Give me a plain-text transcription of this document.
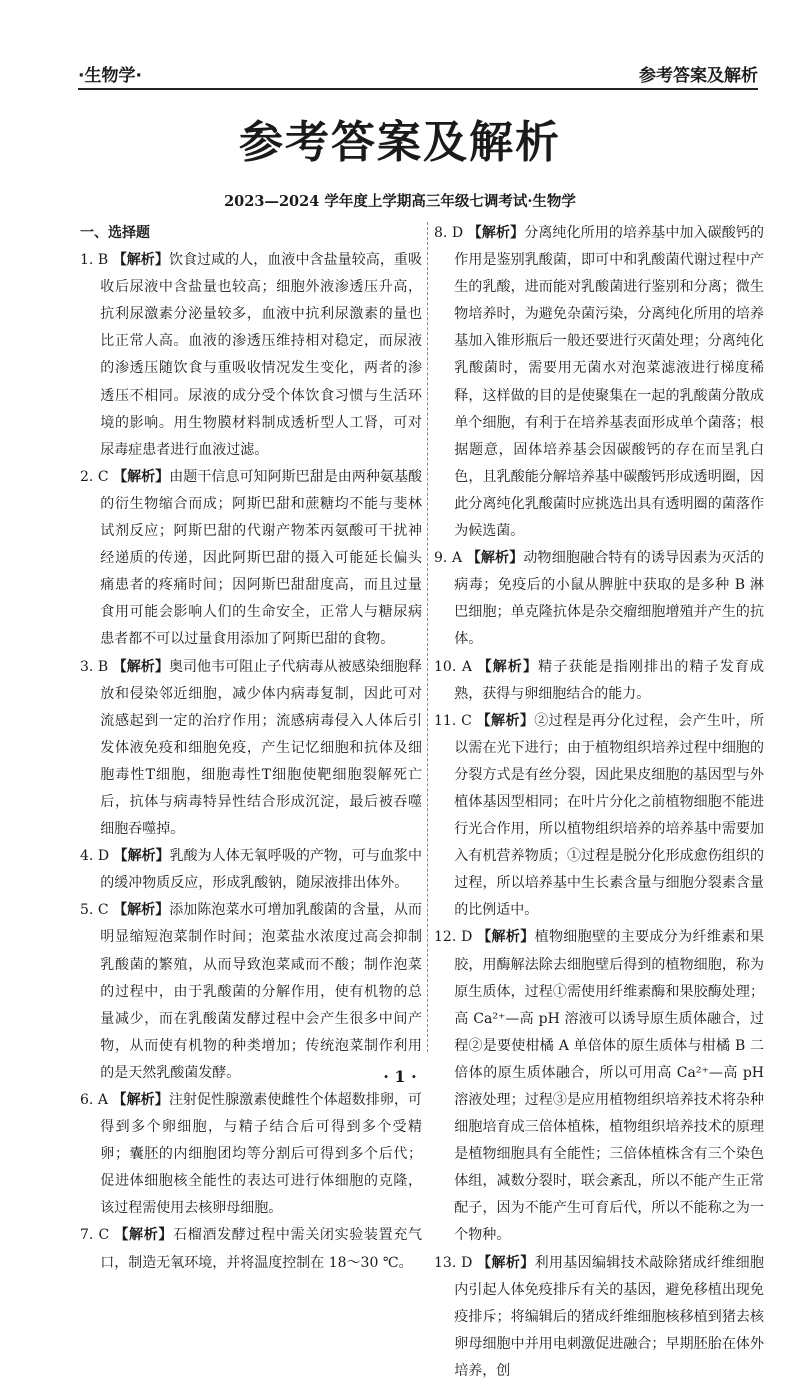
·生物学·	参考答案及解析
参考答案及解析
2023—2024 学年度上学期高三年级七调考试·生物学
一、选择题
1. B 【解析】饮食过咸的人，血液中含盐量较高，重吸收后尿液中含盐量也较高；细胞外液渗透压升高，抗利尿激素分泌量较多，血液中抗利尿激素的量也比正常人高。血液的渗透压维持相对稳定，而尿液的渗透压随饮食与重吸收情况发生变化，两者的渗透压不相同。尿液的成分受个体饮食习惯与生活环境的影响。用生物膜材料制成透析型人工肾，可对尿毒症患者进行血液过滤。
2. C 【解析】由题干信息可知阿斯巴甜是由两种氨基酸的衍生物缩合而成；阿斯巴甜和蔗糖均不能与斐林试剂反应；阿斯巴甜的代谢产物苯丙氨酸可干扰神经递质的传递，因此阿斯巴甜的摄入可能延长偏头痛患者的疼痛时间；因阿斯巴甜甜度高，而且过量食用可能会影响人们的生命安全，正常人与糖尿病患者都不可以过量食用添加了阿斯巴甜的食物。
3. B 【解析】奥司他韦可阻止子代病毒从被感染细胞释放和侵染邻近细胞，减少体内病毒复制，因此可对流感起到一定的治疗作用；流感病毒侵入人体后引发体液免疫和细胞免疫，产生记忆细胞和抗体及细胞毒性T细胞，细胞毒性T细胞使靶细胞裂解死亡后，抗体与病毒特异性结合形成沉淀，最后被吞噬细胞吞噬掉。
4. D 【解析】乳酸为人体无氧呼吸的产物，可与血浆中的缓冲物质反应，形成乳酸钠，随尿液排出体外。
5. C 【解析】添加陈泡菜水可增加乳酸菌的含量，从而明显缩短泡菜制作时间；泡菜盐水浓度过高会抑制乳酸菌的繁殖，从而导致泡菜咸而不酸；制作泡菜的过程中，由于乳酸菌的分解作用，使有机物的总量减少，而在乳酸菌发酵过程中会产生很多中间产物，从而使有机物的种类增加；传统泡菜制作利用的是天然乳酸菌发酵。
6. A 【解析】注射促性腺激素使雌性个体超数排卵，可得到多个卵细胞，与精子结合后可得到多个受精卵；囊胚的内细胞团均等分割后可得到多个后代；促进体细胞核全能性的表达可进行体细胞的克隆，该过程需使用去核卵母细胞。
7. C 【解析】石榴酒发酵过程中需关闭实验装置充气口，制造无氧环境，并将温度控制在 18～30 ℃。
8. D 【解析】分离纯化所用的培养基中加入碳酸钙的作用是鉴别乳酸菌，即可中和乳酸菌代谢过程中产生的乳酸，进而能对乳酸菌进行鉴别和分离；微生物培养时，为避免杂菌污染，分离纯化所用的培养基加入锥形瓶后一般还要进行灭菌处理；分离纯化乳酸菌时，需要用无菌水对泡菜滤液进行梯度稀释，这样做的目的是使聚集在一起的乳酸菌分散成单个细胞，有利于在培养基表面形成单个菌落；根据题意，固体培养基会因碳酸钙的存在而呈乳白色，且乳酸能分解培养基中碳酸钙形成透明圈，因此分离纯化乳酸菌时应挑选出具有透明圈的菌落作为候选菌。
9. A 【解析】动物细胞融合特有的诱导因素为灭活的病毒；免疫后的小鼠从脾脏中获取的是多种 B 淋巴细胞；单克隆抗体是杂交瘤细胞增殖并产生的抗体。
10. A 【解析】精子获能是指刚排出的精子发育成熟，获得与卵细胞结合的能力。
11. C 【解析】②过程是再分化过程，会产生叶，所以需在光下进行；由于植物组织培养过程中细胞的分裂方式是有丝分裂，因此果皮细胞的基因型与外植体基因型相同；在叶片分化之前植物细胞不能进行光合作用，所以植物组织培养的培养基中需要加入有机营养物质；①过程是脱分化形成愈伤组织的过程，所以培养基中生长素含量与细胞分裂素含量的比例适中。
12. D 【解析】植物细胞壁的主要成分为纤维素和果胶，用酶解法除去细胞壁后得到的植物细胞，称为原生质体，过程①需使用纤维素酶和果胶酶处理；高 Ca²⁺—高 pH 溶液可以诱导原生质体融合，过程②是要使柑橘 A 单倍体的原生质体与柑橘 B 二倍体的原生质体融合，所以可用高 Ca²⁺—高 pH 溶液处理；过程③是应用植物组织培养技术将杂种细胞培育成三倍体植株，植物组织培养技术的原理是植物细胞具有全能性；三倍体植株含有三个染色体组，减数分裂时，联会紊乱，所以不能产生正常配子，因为不能产生可育后代，所以不能称之为一个物种。
13. D 【解析】利用基因编辑技术敲除猪成纤维细胞内引起人体免疫排斥有关的基因，避免移植出现免疫排斥；将编辑后的猪成纤维细胞核移植到猪去核卵母细胞中并用电刺激促进融合；早期胚胎在体外培养，创
· 1 ·
